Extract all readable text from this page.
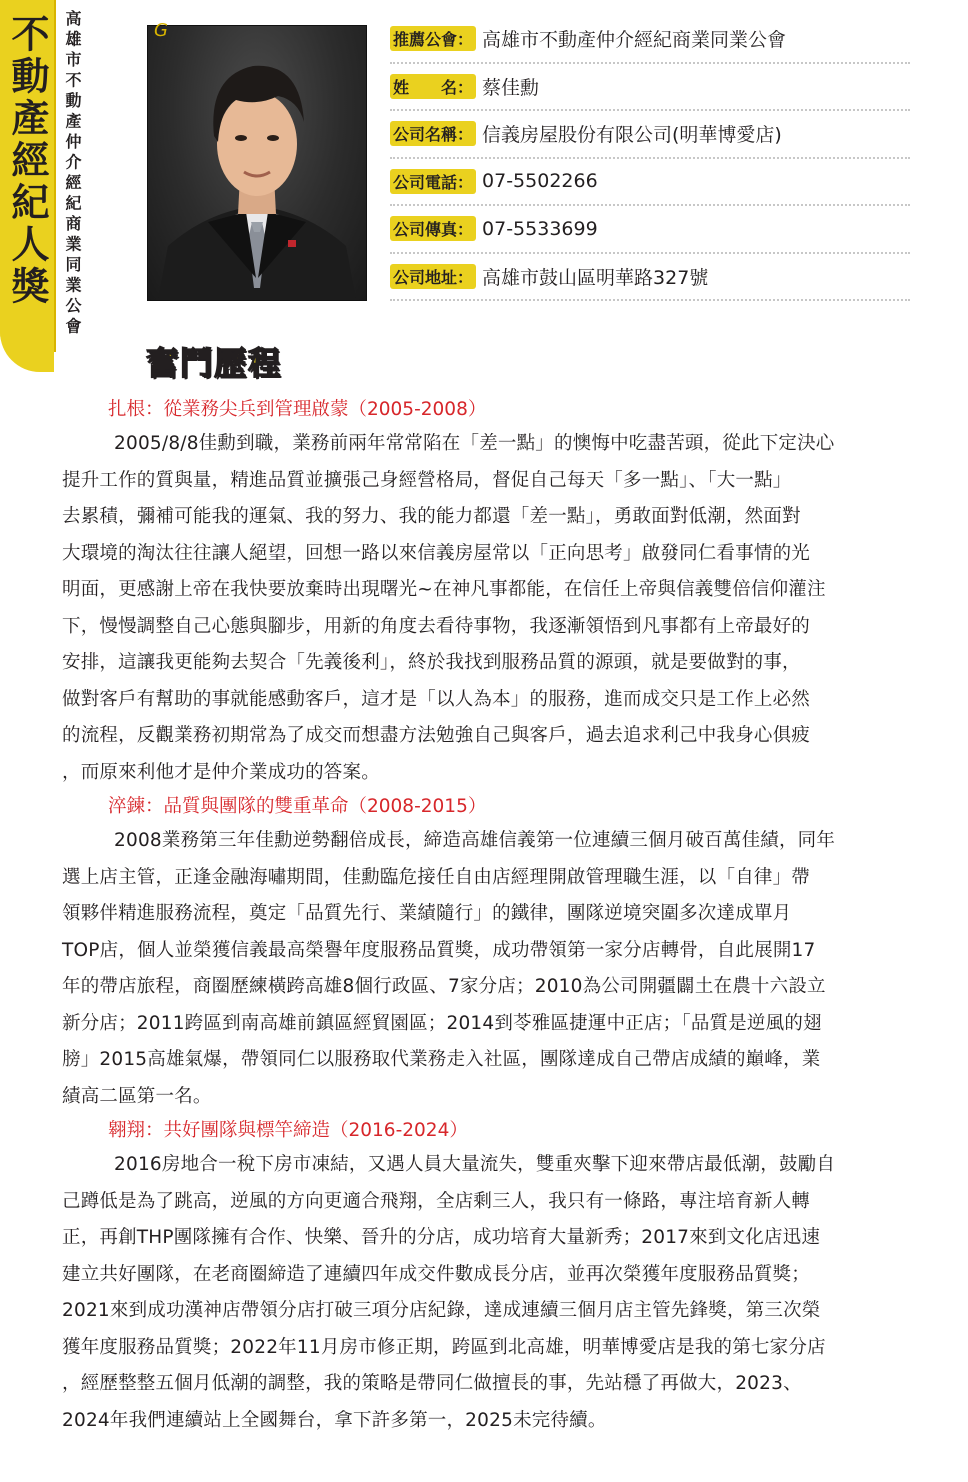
不動產經紀人獎 高雄市不動產仲介經紀商業同業公會	G	推薦公會： 高雄市不動產仲介經紀商業同業公會
姓　　名： 蔡佳勳
公司名稱： 信義房屋股份有限公司(明華博愛店)
公司電話： 07-5502266
公司傳真： 07-5533699
公司地址： 高雄市鼓山區明華路327號
奮鬥歷程
扎根：從業務尖兵到管理啟蒙（2005-2008）
2005/8/8佳勳到職，業務前兩年常常陷在「差一點」的懊悔中吃盡苦頭，從此下定決心
提升工作的質與量，精進品質並擴張己身經營格局，督促自己每天「多一點」、「大一點」
去累積，彌補可能我的運氣、我的努力、我的能力都還「差一點」，勇敢面對低潮，然面對
大環境的淘汰往往讓人絕望，回想一路以來信義房屋常以「正向思考」啟發同仁看事情的光
明面，更感謝上帝在我快要放棄時出現曙光~在神凡事都能，在信任上帝與信義雙倍信仰灌注
下，慢慢調整自己心態與腳步，用新的角度去看待事物，我逐漸領悟到凡事都有上帝最好的
安排，這讓我更能夠去契合「先義後利」，終於我找到服務品質的源頭，就是要做對的事，
做對客戶有幫助的事就能感動客戶，這才是「以人為本」的服務，進而成交只是工作上必然
的流程，反觀業務初期常為了成交而想盡方法勉強自己與客戶，過去追求利己中我身心俱疲
，而原來利他才是仲介業成功的答案。
淬鍊：品質與團隊的雙重革命（2008-2015）
2008業務第三年佳勳逆勢翻倍成長，締造高雄信義第一位連續三個月破百萬佳績，同年
選上店主管，正逢金融海嘯期間，佳勳臨危接任自由店經理開啟管理職生涯，以「自律」帶
領夥伴精進服務流程，奠定「品質先行、業績隨行」的鐵律，團隊逆境突圍多次達成單月
TOP店，個人並榮獲信義最高榮譽年度服務品質獎，成功帶領第一家分店轉骨，自此展開17
年的帶店旅程，商圈歷練橫跨高雄8個行政區、7家分店；2010為公司開疆闢土在農十六設立
新分店；2011跨區到南高雄前鎮區經貿園區；2014到苓雅區捷運中正店；「品質是逆風的翅
膀」2015高雄氣爆，帶領同仁以服務取代業務走入社區，團隊達成自己帶店成績的巔峰，業
績高二區第一名。
翱翔：共好團隊與標竿締造（2016-2024）
2016房地合一稅下房市凍結，又遇人員大量流失，雙重夾擊下迎來帶店最低潮，鼓勵自
己蹲低是為了跳高，逆風的方向更適合飛翔，全店剩三人，我只有一條路，專注培育新人轉
正，再創THP團隊擁有合作、快樂、晉升的分店，成功培育大量新秀；2017來到文化店迅速
建立共好團隊，在老商圈締造了連續四年成交件數成長分店，並再次榮獲年度服務品質獎；
2021來到成功漢神店帶領分店打破三項分店紀錄，達成連續三個月店主管先鋒獎，第三次榮
獲年度服務品質獎；2022年11月房市修正期，跨區到北高雄，明華博愛店是我的第七家分店
，經歷整整五個月低潮的調整，我的策略是帶同仁做擅長的事，先站穩了再做大，2023、
2024年我們連續站上全國舞台，拿下許多第一，2025未完待續。
